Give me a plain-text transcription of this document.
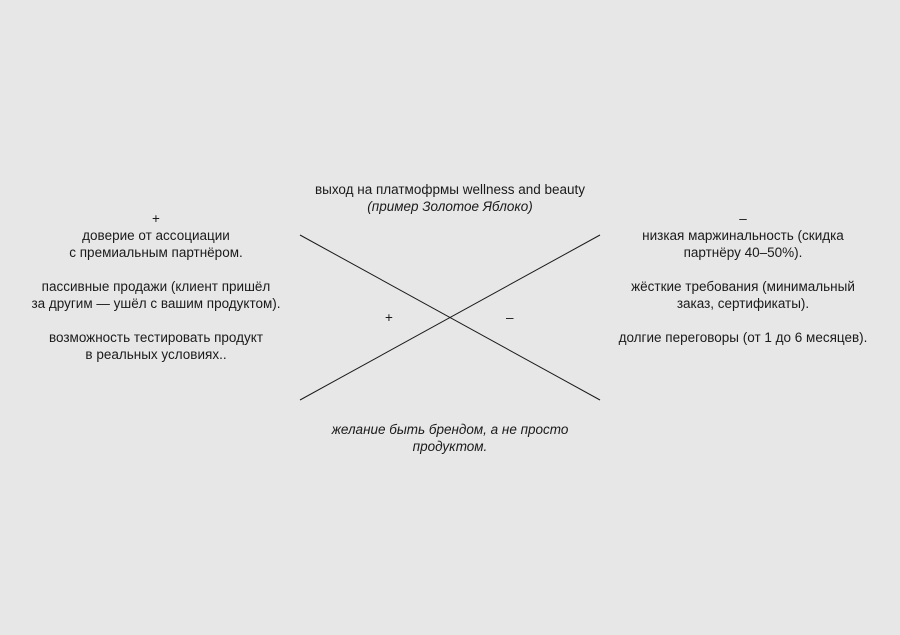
выход на платмофрмы wellness and beauty

(пример Золотое Яблоко)

+

доверие от ассоциации

с премиальным партнёром.

пассивные продажи (клиент пришёл

за другим — ушёл с вашим продуктом).

возможность тестировать продукт

в реальных условиях..

–

низкая маржинальность (скидка

партнёру 40–50%).

жёсткие требования (минимальный

заказ, сертификаты).

долгие переговоры (от 1 до 6 месяцев).

+	–

желание быть брендом, а не просто

продуктом.
